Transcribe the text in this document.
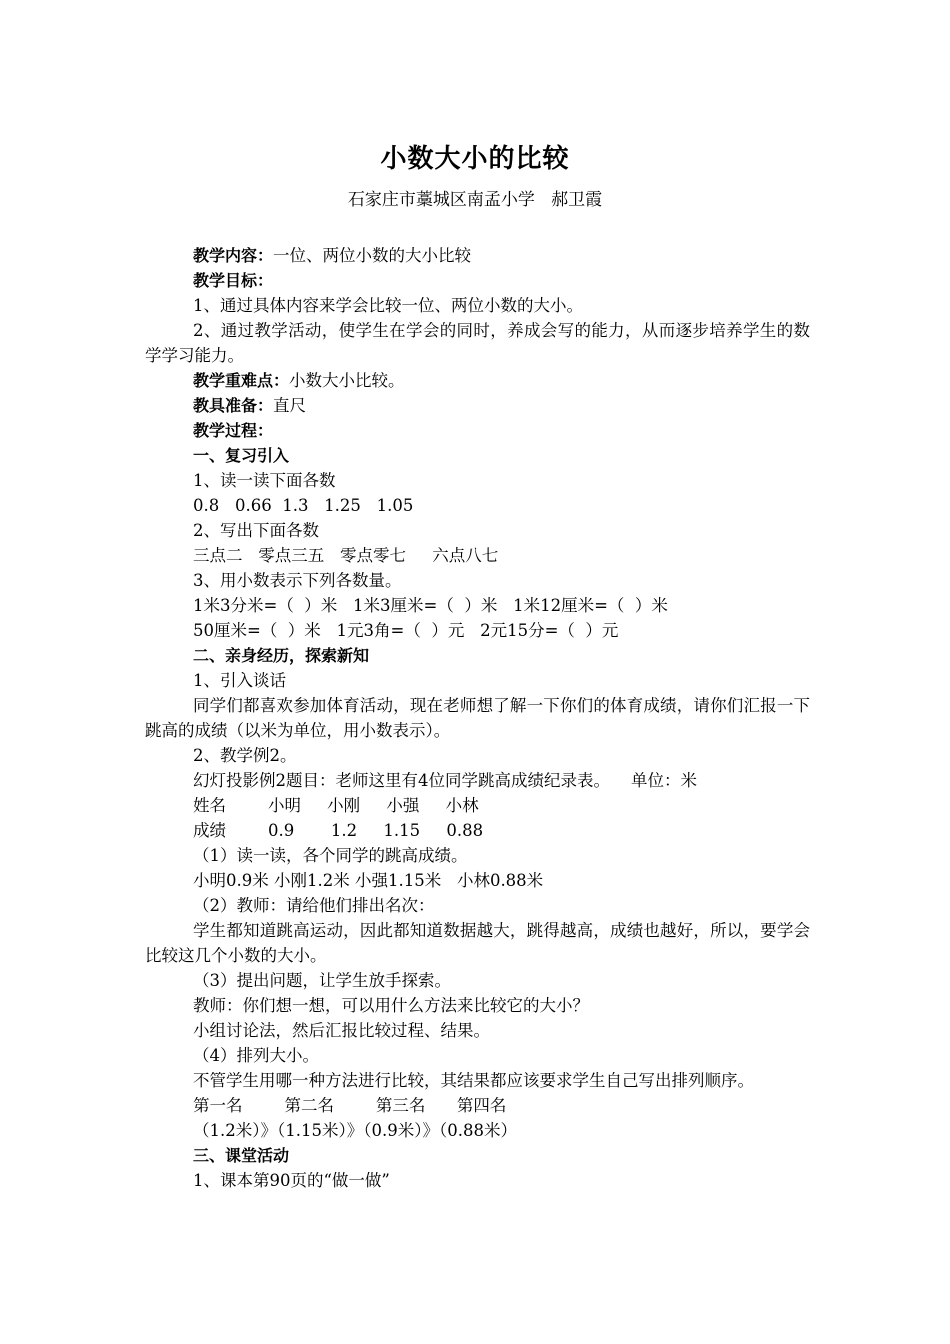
小数大小的比较
石家庄市藁城区南孟小学   郝卫霞

教学内容：一位、两位小数的大小比较

教学目标：

1、通过具体内容来学会比较一位、两位小数的大小。

2、通过教学活动，使学生在学会的同时，养成会写的能力，从而逐步培养学生的数学学习能力。

教学重难点：小数大小比较。

教具准备：直尺

教学过程：

一、复习引入

1、读一读下面各数

0.8   0.66  1.3   1.25   1.05

2、写出下面各数

三点二   零点三五   零点零七     六点八七

3、用小数表示下列各数量。

1米3分米=（  ）米   1米3厘米=（  ）米   1米12厘米=（  ）米

50厘米=（  ）米   1元3角=（  ）元   2元15分=（  ）元

二、亲身经历，探索新知

1、引入谈话

同学们都喜欢参加体育活动，现在老师想了解一下你们的体育成绩，请你们汇报一下跳高的成绩（以米为单位，用小数表示）。

2、教学例2。

幻灯投影例2题目：老师这里有4位同学跳高成绩纪录表。    单位：米

姓名        小明     小刚     小强     小林

成绩        0.9       1.2     1.15     0.88

（1）读一读，各个同学的跳高成绩。

小明0.9米 小刚1.2米 小强1.15米   小林0.88米

（2）教师：请给他们排出名次：

学生都知道跳高运动，因此都知道数据越大，跳得越高，成绩也越好，所以，要学会比较这几个小数的大小。

（3）提出问题，让学生放手探索。

教师：你们想一想，可以用什么方法来比较它的大小？

小组讨论法，然后汇报比较过程、结果。

（4）排列大小。

不管学生用哪一种方法进行比较，其结果都应该要求学生自己写出排列顺序。

第一名        第二名        第三名      第四名

（1.2米）》（1.15米）》（0.9米）》（0.88米）

三、课堂活动

1、课本第90页的“做一做”
